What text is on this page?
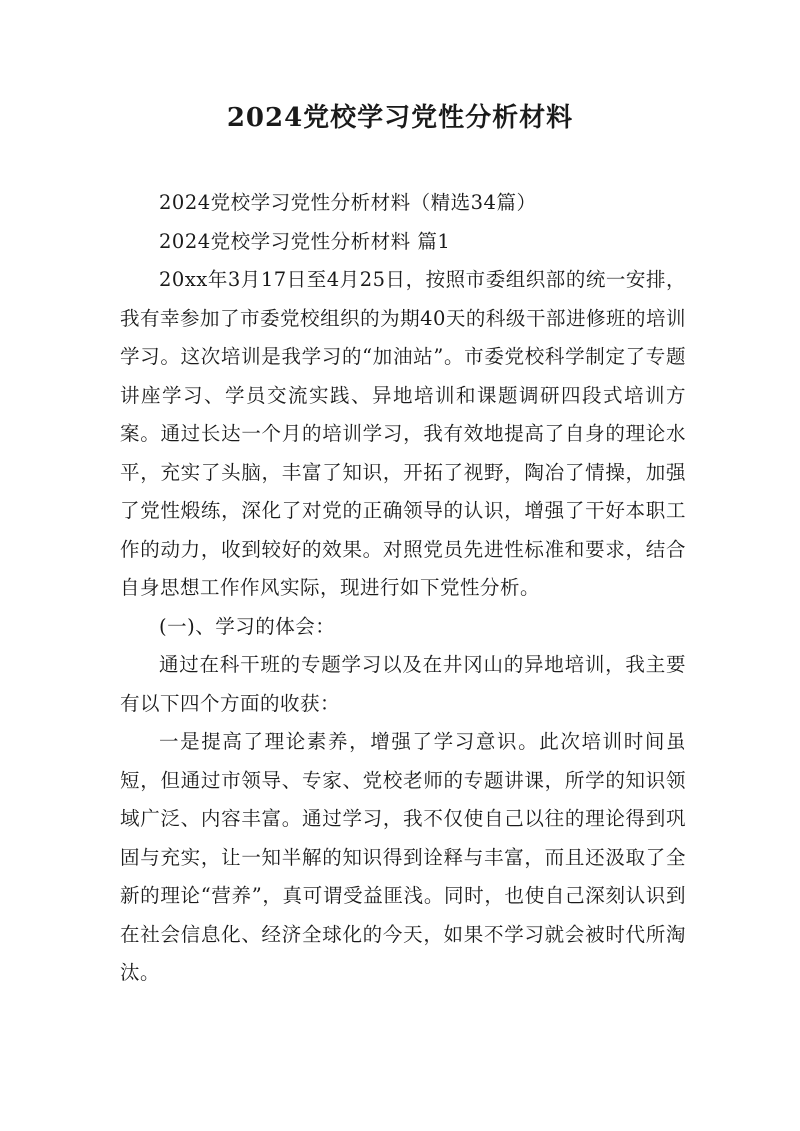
2024党校学习党性分析材料

2024党校学习党性分析材料（精选34篇）

2024党校学习党性分析材料 篇1

20xx年3月17日至4月25日，按照市委组织部的统一安排，我有幸参加了市委党校组织的为期40天的科级干部进修班的培训学习。这次培训是我学习的“加油站”。市委党校科学制定了专题讲座学习、学员交流实践、异地培训和课题调研四段式培训方案。通过长达一个月的培训学习，我有效地提高了自身的理论水平，充实了头脑，丰富了知识，开拓了视野，陶冶了情操，加强了党性煅练，深化了对党的正确领导的认识，增强了干好本职工作的动力，收到较好的效果。对照党员先进性标准和要求，结合自身思想工作作风实际，现进行如下党性分析。

(一)、学习的体会：

通过在科干班的专题学习以及在井冈山的异地培训，我主要有以下四个方面的收获：

一是提高了理论素养，增强了学习意识。此次培训时间虽短，但通过市领导、专家、党校老师的专题讲课，所学的知识领域广泛、内容丰富。通过学习，我不仅使自己以往的理论得到巩固与充实，让一知半解的知识得到诠释与丰富，而且还汲取了全新的理论“营养”，真可谓受益匪浅。同时，也使自己深刻认识到在社会信息化、经济全球化的今天，如果不学习就会被时代所淘汰。
